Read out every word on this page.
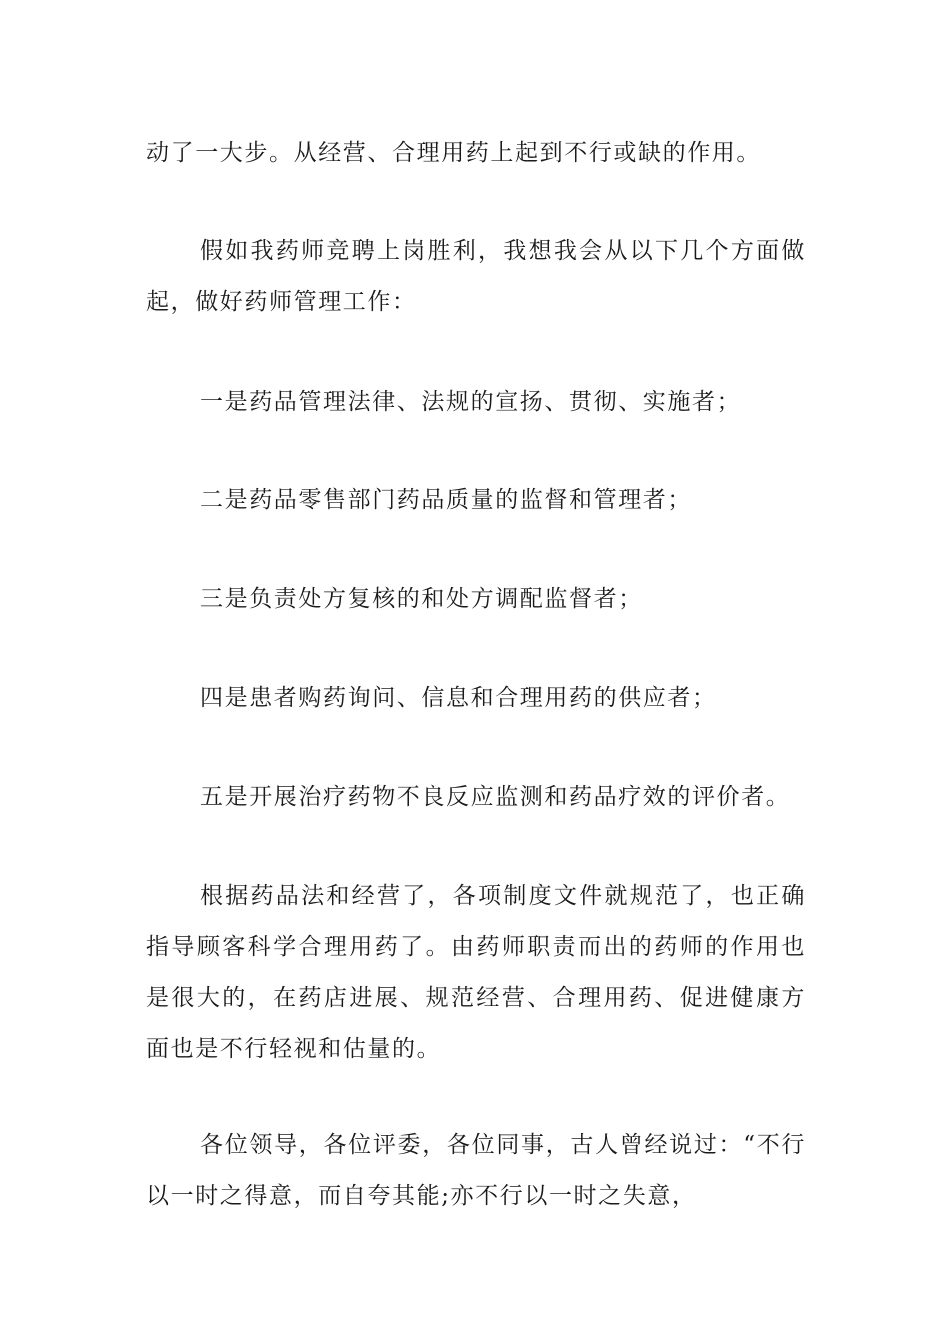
动了一大步。从经营、合理用药上起到不行或缺的作用。

假如我药师竞聘上岗胜利，我想我会从以下几个方面做起，做好药师管理工作：

一是药品管理法律、法规的宣扬、贯彻、实施者；

二是药品零售部门药品质量的监督和管理者；

三是负责处方复核的和处方调配监督者；

四是患者购药询问、信息和合理用药的供应者；

五是开展治疗药物不良反应监测和药品疗效的评价者。

根据药品法和经营了，各项制度文件就规范了，也正确指导顾客科学合理用药了。由药师职责而出的药师的作用也是很大的，在药店进展、规范经营、合理用药、促进健康方面也是不行轻视和估量的。

各位领导，各位评委，各位同事，古人曾经说过：“不行以一时之得意，而自夸其能;亦不行以一时之失意，
